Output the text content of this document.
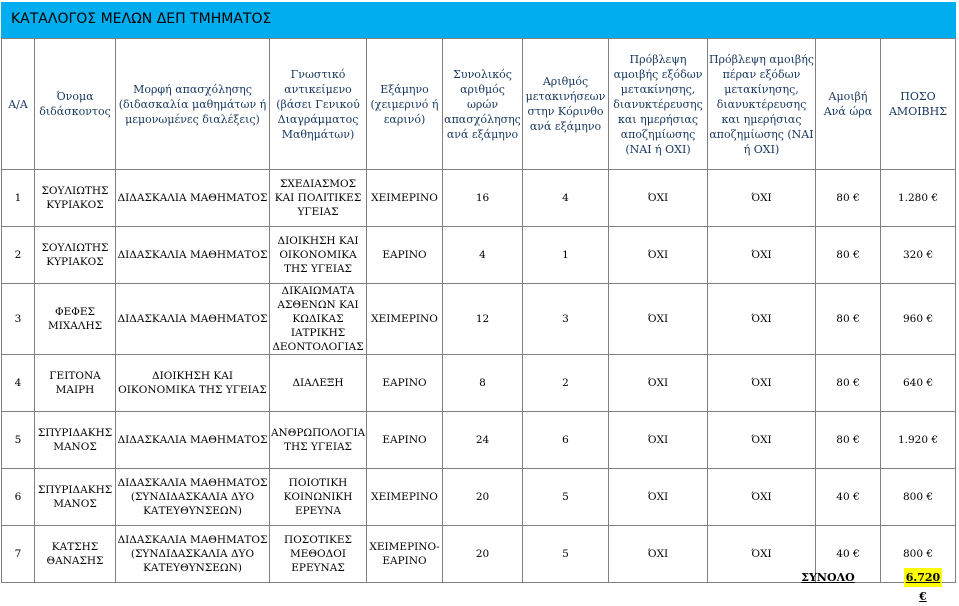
ΚΑΤΑΛΟΓΟΣ ΜΕΛΩΝ ΔΕΠ ΤΜΗΜΑΤΟΣ
Α/Α	Όνομα διδάσκοντος	Μορφή απασχόλησης (διδασκαλία μαθημάτων ή μεμονωμένες διαλέξεις)	Γνωστικό αντικείμενο (βάσει Γενικού Διαγράμματος Μαθημάτων)	Εξάμηνο (χειμερινό ή εαρινό)	Συνολικός αριθμός ωρών απασχόλησης ανά εξάμηνο	Αριθμός μετακινήσεων στην Κόρινθο ανά εξάμηνο	Πρόβλεψη αμοιβής εξόδων μετακίνησης, διανυκτέρευσης και ημερήσιας αποζημίωσης (ΝΑΙ ή ΟΧΙ)	Πρόβλεψη αμοιβής πέραν εξόδων μετακίνησης, διανυκτέρευσης και ημερήσιας αποζημίωσης (ΝΑΙ ή ΟΧΙ)	Αμοιβή Ανά ώρα	ΠΟΣΟ ΑΜΟΙΒΗΣ
1	ΣΟΥΛΙΩΤΗΣ ΚΥΡΙΑΚΟΣ	ΔΙΔΑΣΚΑΛΙΑ ΜΑΘΗΜΑΤΟΣ	ΣΧΕΔΙΑΣΜΟΣ ΚΑΙ ΠΟΛΙΤΙΚΕΣ ΥΓΕΙΑΣ	ΧΕΙΜΕΡΙΝΟ	16	4	ΌΧΙ	ΌΧΙ	80 €	1.280 €
2	ΣΟΥΛΙΩΤΗΣ ΚΥΡΙΑΚΟΣ	ΔΙΔΑΣΚΑΛΙΑ ΜΑΘΗΜΑΤΟΣ	ΔΙΟΙΚΗΣΗ ΚΑΙ ΟΙΚΟΝΟΜΙΚΑ ΤΗΣ ΥΓΕΙΑΣ	ΕΑΡΙΝΟ	4	1	ΌΧΙ	ΌΧΙ	80 €	320 €
3	ΦΕΦΕΣ ΜΙΧΑΛΗΣ	ΔΙΔΑΣΚΑΛΙΑ ΜΑΘΗΜΑΤΟΣ	ΔΙΚΑΙΩΜΑΤΑ ΑΣΘΕΝΩΝ ΚΑΙ ΚΩΔΙΚΑΣ ΙΑΤΡΙΚΗΣ ΔΕΟΝΤΟΛΟΓΙΑΣ	ΧΕΙΜΕΡΙΝΟ	12	3	ΌΧΙ	ΌΧΙ	80 €	960 €
4	ΓΕΙΤΟΝΑ ΜΑΙΡΗ	ΔΙΟΙΚΗΣΗ ΚΑΙ ΟΙΚΟΝΟΜΙΚΑ ΤΗΣ ΥΓΕΙΑΣ	ΔΙΑΛΕΞΗ	ΕΑΡΙΝΟ	8	2	ΌΧΙ	ΌΧΙ	80 €	640 €
5	ΣΠΥΡΙΔΑΚΗΣ ΜΑΝΟΣ	ΔΙΔΑΣΚΑΛΙΑ ΜΑΘΗΜΑΤΟΣ	ΑΝΘΡΩΠΟΛΟΓΙΑ ΤΗΣ ΥΓΕΙΑΣ	ΕΑΡΙΝΟ	24	6	ΌΧΙ	ΌΧΙ	80 €	1.920 €
6	ΣΠΥΡΙΔΑΚΗΣ ΜΑΝΟΣ	ΔΙΔΑΣΚΑΛΙΑ ΜΑΘΗΜΑΤΟΣ (ΣΥΝΔΙΔΑΣΚΑΛΙΑ ΔΥΟ ΚΑΤΕΥΘΥΝΣΕΩΝ)	ΠΟΙΟΤΙΚΗ ΚΟΙΝΩΝΙΚΗ ΕΡΕΥΝΑ	ΧΕΙΜΕΡΙΝΟ	20	5	ΌΧΙ	ΌΧΙ	40 €	800 €
7	ΚΑΤΣΗΣ ΘΑΝΑΣΗΣ	ΔΙΔΑΣΚΑΛΙΑ ΜΑΘΗΜΑΤΟΣ (ΣΥΝΔΙΔΑΣΚΑΛΙΑ ΔΥΟ ΚΑΤΕΥΘΥΝΣΕΩΝ)	ΠΟΣΟΤΙΚΕΣ ΜΕΘΟΔΟΙ ΕΡΕΥΝΑΣ	ΧΕΙΜΕΡΙΝΟ-ΕΑΡΙΝΟ	20	5	ΌΧΙ	ΌΧΙ	40 €	800 €
ΣΥΝΟΛΟ	6.720 €
